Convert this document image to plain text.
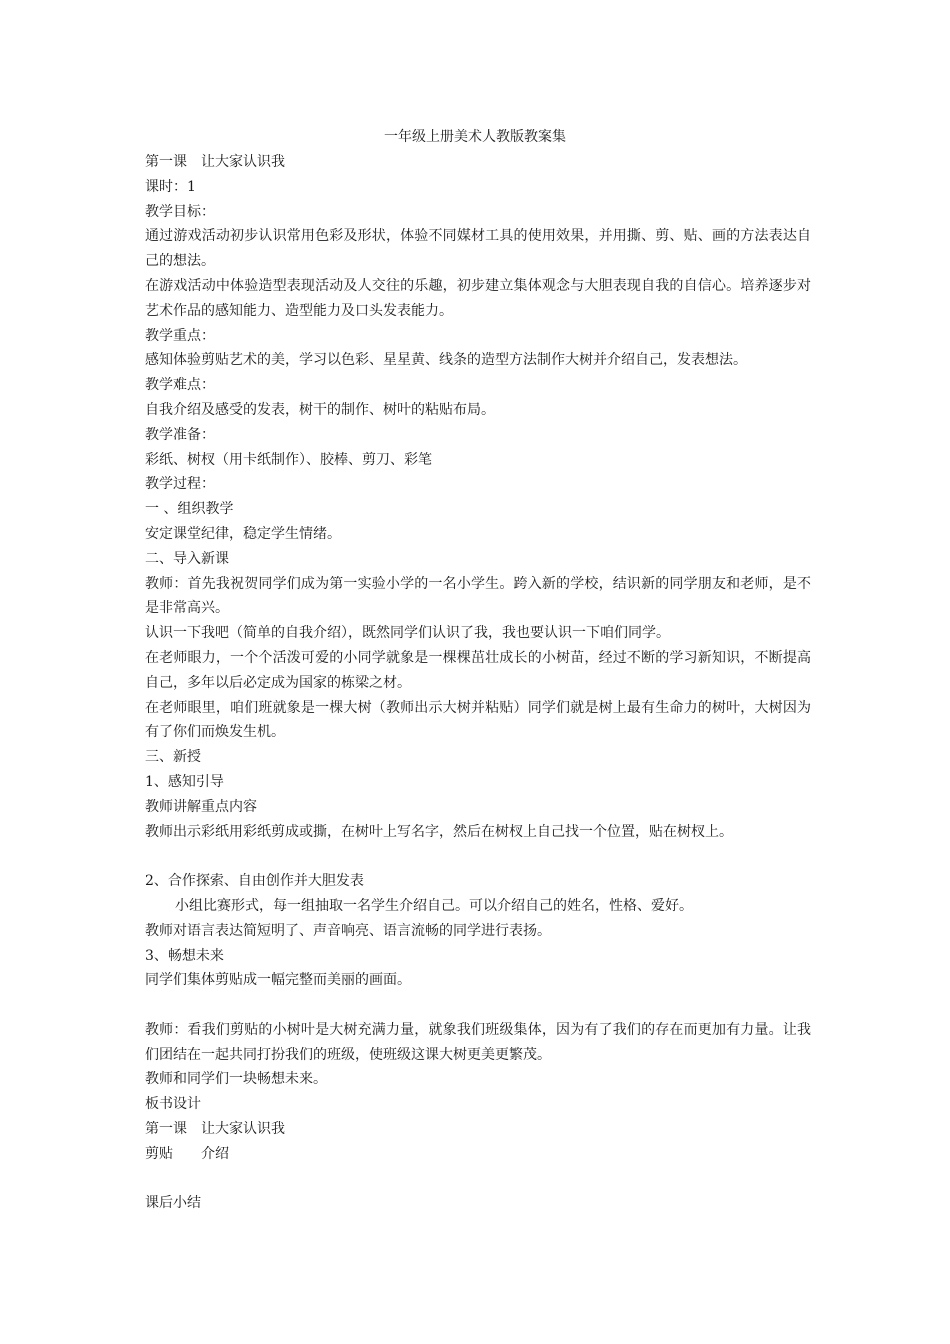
一年级上册美术人教版教案集

第一课　让大家认识我

课时：1

教学目标：

通过游戏活动初步认识常用色彩及形状，体验不同媒材工具的使用效果，并用撕、剪、贴、画的方法表达自己的想法。

在游戏活动中体验造型表现活动及人交往的乐趣，初步建立集体观念与大胆表现自我的自信心。培养逐步对艺术作品的感知能力、造型能力及口头发表能力。

教学重点：

感知体验剪贴艺术的美，学习以色彩、星星黄、线条的造型方法制作大树并介绍自己，发表想法。

教学难点：

自我介绍及感受的发表，树干的制作、树叶的粘贴布局。

教学准备：

彩纸、树杈（用卡纸制作）、胶棒、剪刀、彩笔

教学过程：

一 、组织教学

安定课堂纪律，稳定学生情绪。

二、导入新课

教师：首先我祝贺同学们成为第一实验小学的一名小学生。跨入新的学校，结识新的同学朋友和老师，是不是非常高兴。

认识一下我吧（简单的自我介绍），既然同学们认识了我，我也要认识一下咱们同学。

在老师眼力，一个个活泼可爱的小同学就象是一棵棵茁壮成长的小树苗，经过不断的学习新知识，不断提高自己，多年以后必定成为国家的栋梁之材。

在老师眼里，咱们班就象是一棵大树（教师出示大树并粘贴）同学们就是树上最有生命力的树叶，大树因为有了你们而焕发生机。

三、新授

1、感知引导

教师讲解重点内容

教师出示彩纸用彩纸剪成或撕，在树叶上写名字，然后在树杈上自己找一个位置，贴在树杈上。

2、合作探索、自由创作并大胆发表

小组比赛形式，每一组抽取一名学生介绍自己。可以介绍自己的姓名，性格、爱好。

教师对语言表达简短明了、声音响亮、语言流畅的同学进行表扬。

3、畅想未来

同学们集体剪贴成一幅完整而美丽的画面。

教师：看我们剪贴的小树叶是大树充满力量，就象我们班级集体，因为有了我们的存在而更加有力量。让我们团结在一起共同打扮我们的班级，使班级这课大树更美更繁茂。

教师和同学们一块畅想未来。

板书设计

第一课　让大家认识我

剪贴　　介绍

课后小结
